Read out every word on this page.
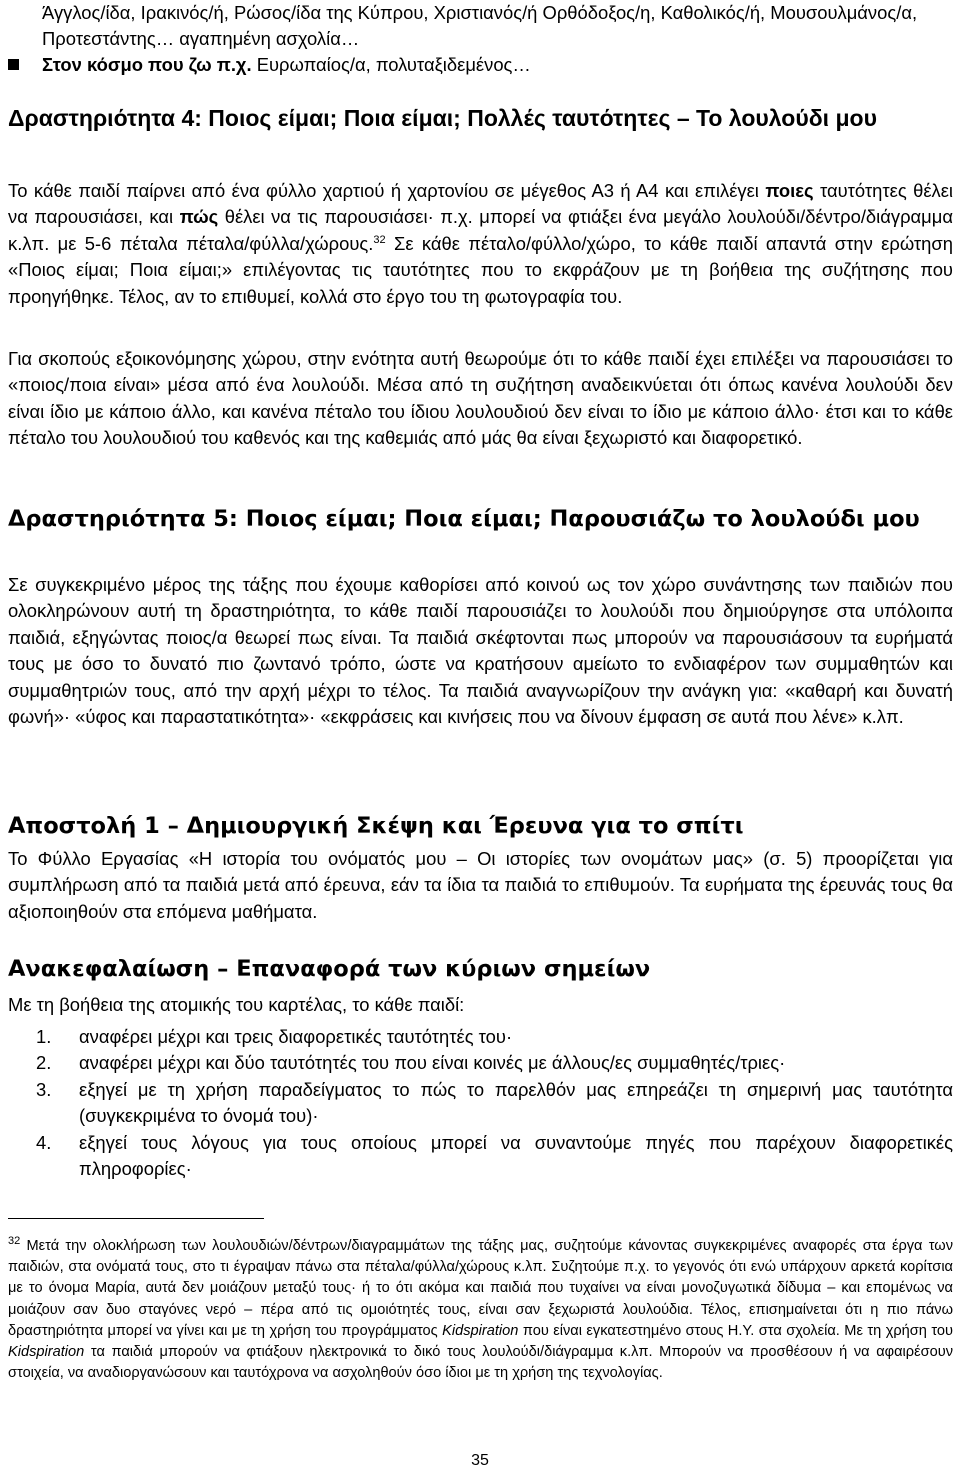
Άγγλος/ίδα, Ιρακινός/ή, Ρώσος/ίδα της Κύπρου, Χριστιανός/ή Ορθόδοξος/η, Καθολικός/ή, Μουσουλμάνος/α, Προτεστάντης… αγαπημένη ασχολία…

Στον κόσμο που ζω π.χ. Ευρωπαίος/α, πολυταξιδεμένος…
Δραστηριότητα 4: Ποιος είμαι; Ποια είμαι; Πολλές ταυτότητες – Το λουλούδι μου

Το κάθε παιδί παίρνει από ένα φύλλο χαρτιού ή χαρτονίου σε μέγεθος Α3 ή Α4 και επιλέγει ποιες ταυτότητες θέλει να παρουσιάσει, και πώς θέλει να τις παρουσιάσει· π.χ. μπορεί να φτιάξει ένα μεγάλο λουλούδι/δέντρο/διάγραμμα κ.λπ. με 5-6 πέταλα πέταλα/φύλλα/χώρους.$^{32}$ Σε κάθε πέταλο/φύλλο/χώρο, το κάθε παιδί απαντά στην ερώτηση «Ποιος είμαι; Ποια είμαι;» επιλέγοντας τις ταυτότητες που το εκφράζουν με τη βοήθεια της συζήτησης που προηγήθηκε. Τέλος, αν το επιθυμεί, κολλά στο έργο του τη φωτογραφία του.

Για σκοπούς εξοικονόμησης χώρου, στην ενότητα αυτή θεωρούμε ότι το κάθε παιδί έχει επιλέξει να παρουσιάσει το «ποιος/ποια είναι» μέσα από ένα λουλούδι. Μέσα από τη συζήτηση αναδεικνύεται ότι όπως κανένα λουλούδι δεν είναι ίδιο με κάποιο άλλο, και κανένα πέταλο του ίδιου λουλουδιού δεν είναι το ίδιο με κάποιο άλλο· έτσι και το κάθε πέταλο του λουλουδιού του καθενός και της καθεμιάς από μάς θα είναι ξεχωριστό και διαφορετικό.

Δραστηριότητα 5: Ποιος είμαι; Ποια είμαι; Παρουσιάζω το λουλούδι μου

Σε συγκεκριμένο μέρος της τάξης που έχουμε καθορίσει από κοινού ως τον χώρο συνάντησης των παιδιών που ολοκληρώνουν αυτή τη δραστηριότητα, το κάθε παιδί παρουσιάζει το λουλούδι που δημιούργησε στα υπόλοιπα παιδιά, εξηγώντας ποιος/α θεωρεί πως είναι. Τα παιδιά σκέφτονται πως μπορούν να παρουσιάσουν τα ευρήματά τους με όσο το δυνατό πιο ζωντανό τρόπο, ώστε να κρατήσουν αμείωτο το ενδιαφέρον των συμμαθητών και συμμαθητριών τους, από την αρχή μέχρι το τέλος. Τα παιδιά αναγνωρίζουν την ανάγκη για: «καθαρή και δυνατή φωνή»· «ύφος και παραστατικότητα»· «εκφράσεις και κινήσεις που να δίνουν έμφαση σε αυτά που λένε» κ.λπ.

Αποστολή 1 – Δημιουργική Σκέψη και Έρευνα για το σπίτι

Το Φύλλο Εργασίας «Η ιστορία του ονόματός μου – Οι ιστορίες των ονομάτων μας» (σ. 5) προορίζεται για συμπλήρωση από τα παιδιά μετά από έρευνα, εάν τα ίδια τα παιδιά το επιθυμούν. Τα ευρήματα της έρευνάς τους θα αξιοποιηθούν στα επόμενα μαθήματα.

Ανακεφαλαίωση – Επαναφορά των κύριων σημείων

Με τη βοήθεια της ατομικής του καρτέλας, το κάθε παιδί:

1. αναφέρει μέχρι και τρεις διαφορετικές ταυτότητές του·

2. αναφέρει μέχρι και δύο ταυτότητές του που είναι κοινές με άλλους/ες συμμαθητές/τριες·

3. εξηγεί με τη χρήση παραδείγματος το πώς το παρελθόν μας επηρεάζει τη σημερινή μας ταυτότητα (συγκεκριμένα το όνομά του)·

4. εξηγεί τους λόγους για τους οποίους μπορεί να συναντούμε πηγές που παρέχουν διαφορετικές πληροφορίες·

$^{32}$ Μετά την ολοκλήρωση των λουλουδιών/δέντρων/διαγραμμάτων της τάξης μας, συζητούμε κάνοντας συγκεκριμένες αναφορές στα έργα των παιδιών, στα ονόματά τους, στο τι έγραψαν πάνω στα πέταλα/φύλλα/χώρους κ.λπ. Συζητούμε π.χ. το γεγονός ότι ενώ υπάρχουν αρκετά κορίτσια με το όνομα Μαρία, αυτά δεν μοιάζουν μεταξύ τους· ή το ότι ακόμα και παιδιά που τυχαίνει να είναι μονοζυγωτικά δίδυμα – και επομένως να μοιάζουν σαν δυο σταγόνες νερό – πέρα από τις ομοιότητές τους, είναι σαν ξεχωριστά λουλούδια. Τέλος, επισημαίνεται ότι η πιο πάνω δραστηριότητα μπορεί να γίνει και με τη χρήση του προγράμματος Kidspiration που είναι εγκατεστημένο στους Η.Υ. στα σχολεία. Με τη χρήση του Kidspiration τα παιδιά μπορούν να φτιάξουν ηλεκτρονικά το δικό τους λουλούδι/διάγραμμα κ.λπ. Μπορούν να προσθέσουν ή να αφαιρέσουν στοιχεία, να αναδιοργανώσουν και ταυτόχρονα να ασχοληθούν όσο ίδιοι με τη χρήση της τεχνολογίας.

35
